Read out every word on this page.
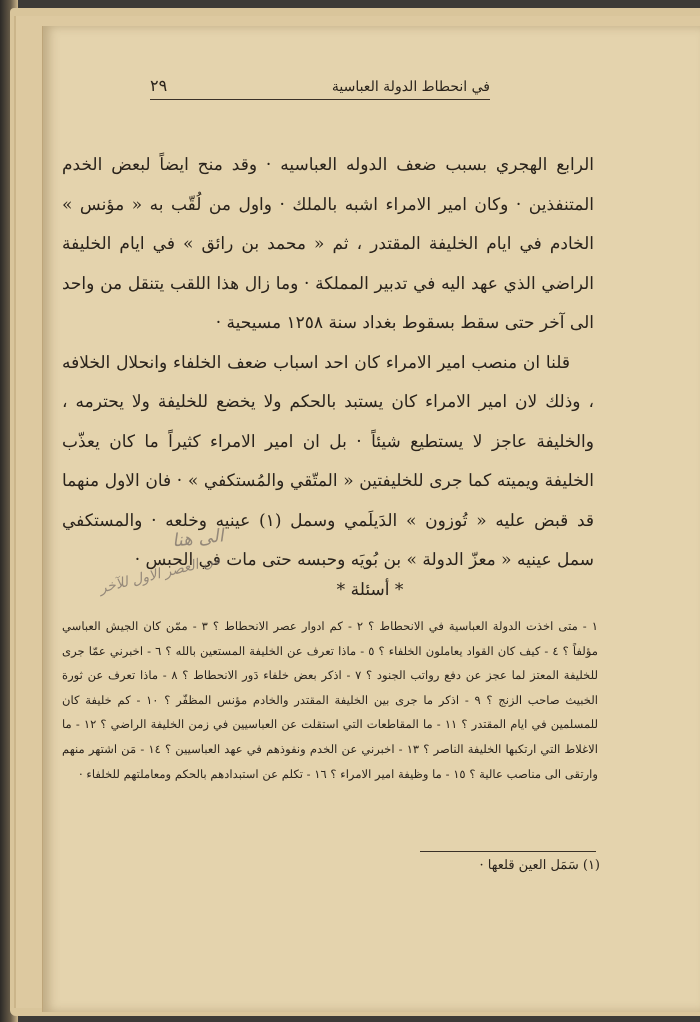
في انحطاط الدولة العباسية
٢٩

الرابع الهجري بسبب ضعف الدوله العباسيه · وقد منح ايضاً لبعض الخدم المتنفذين · وكان امير الامراء اشبه بالملك · واول من لُقّب به « مؤنس » الخادم في ايام الخليفة المقتدر ، ثم « محمد بن رائق » في ايام الخليفة الراضي الذي عهد اليه في تدبير المملكة · وما زال هذا اللقب يتنقل من واحد الى آخر حتى سقط بسقوط بغداد سنة ١٢٥٨ مسيحية ·

قلنا ان منصب امير الامراء كان احد اسباب ضعف الخلفاء وانحلال الخلافه ، وذلك لان امير الامراء كان يستبد بالحكم ولا يخضع للخليفة ولا يحترمه ، والخليفة عاجز لا يستطيع شيئاً · بل ان امير الامراء كثيراً ما كان يعذّب الخليفة ويميته كما جرى للخليفتين « المتّقي والمُستكفي » · فان الاول منهما قد قبض عليه « تُوزون » الدَيلَمي وسمل (١) عينيه وخلعه · والمستكفي سمل عينيه « معزّ الدولة » بن بُويَه وحبسه حتى مات في الحبس ·

* أسئلة *
١ - متى اخذت الدولة العباسية في الانحطاط ؟ ٢ - كم ادوار عصر الانحطاط ؟ ٣ - ممّن كان الجيش العباسي مؤلفاً ؟ ٤ - كيف كان القواد يعاملون الخلفاء ؟ ٥ - ماذا تعرف عن الخليفة المستعين بالله ؟ ٦ - اخبرني عمّا جرى للخليفة المعتز لما عجز عن دفع رواتب الجنود ؟ ٧ - اذكر بعض خلفاء دَور الانحطاط ؟ ٨ - ماذا تعرف عن ثورة الخبيث صاحب الزنج ؟ ٩ - اذكر ما جرى بين الخليفة المقتدر والخادم مؤنس المظفّر ؟ ١٠ - كم خليفة كان للمسلمين في ايام المقتدر ؟ ١١ - ما المقاطعات التي استقلت عن العباسيين في زمن الخليفة الراضي ؟ ١٢ - ما الاغلاط التي ارتكبها الخليفة الناصر ؟ ١٣ - اخبرني عن الخدم ونفوذهم في عهد العباسيين ؟ ١٤ - مَن اشتهر منهم وارتقى الى مناصب عالية ؟ ١٥ - ما وظيفة امير الامراء ؟ ١٦ - تكلم عن استبدادهم بالحكم ومعاملتهم للخلفاء ·
(١) سَمَل العين قلعها ·
الى هنا
من العصر الاول للآخر
